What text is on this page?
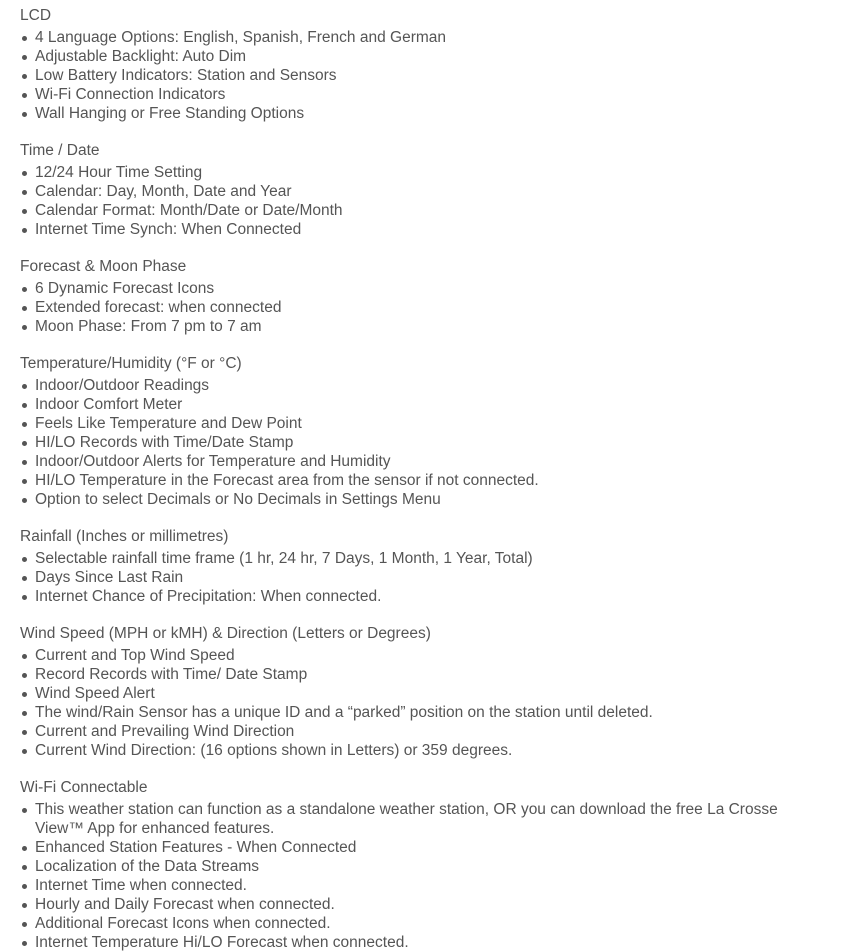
LCD
4 Language Options: English, Spanish, French and German
Adjustable Backlight: Auto Dim
Low Battery Indicators: Station and Sensors
Wi-Fi Connection Indicators
Wall Hanging or Free Standing Options
Time / Date
12/24 Hour Time Setting
Calendar: Day, Month, Date and Year
Calendar Format: Month/Date or Date/Month
Internet Time Synch: When Connected
Forecast & Moon Phase
6 Dynamic Forecast Icons
Extended forecast: when connected
Moon Phase: From 7 pm to 7 am
Temperature/Humidity (°F or °C)
Indoor/Outdoor Readings
Indoor Comfort Meter
Feels Like Temperature and Dew Point
HI/LO Records with Time/Date Stamp
Indoor/Outdoor Alerts for Temperature and Humidity
HI/LO Temperature in the Forecast area from the sensor if not connected.
Option to select Decimals or No Decimals in Settings Menu
Rainfall (Inches or millimetres)
Selectable rainfall time frame (1 hr, 24 hr, 7 Days, 1 Month, 1 Year, Total)
Days Since Last Rain
Internet Chance of Precipitation: When connected.
Wind Speed (MPH or kMH) & Direction (Letters or Degrees)
Current and Top Wind Speed
Record Records with Time/ Date Stamp
Wind Speed Alert
The wind/Rain Sensor has a unique ID and a “parked” position on the station until deleted.
Current and Prevailing Wind Direction
Current Wind Direction: (16 options shown in Letters) or 359 degrees.
Wi-Fi Connectable
This weather station can function as a standalone weather station, OR you can download the free La Crosse View™ App for enhanced features.
Enhanced Station Features - When Connected
Localization of the Data Streams
Internet Time when connected.
Hourly and Daily Forecast when connected.
Additional Forecast Icons when connected.
Internet Temperature Hi/LO Forecast when connected.
